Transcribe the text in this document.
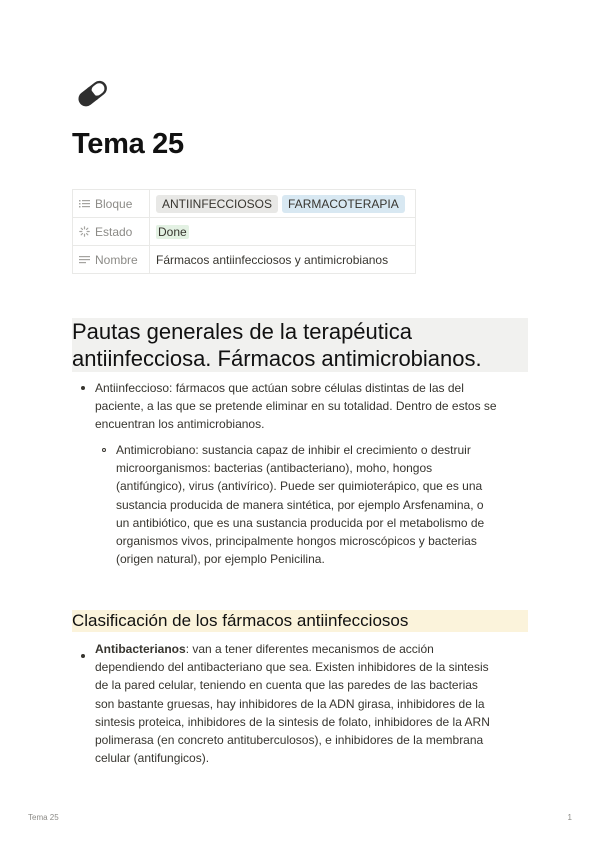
Tema 25
Bloque	ANTIINFECCIOSOS FARMACOTERAPIA
Estado	Done
Nombre	Fármacos antiinfecciosos y antimicrobianos
Pautas generales de la terapéutica
antiinfecciosa. Fármacos antimicrobianos.

Antiinfeccioso: fármacos que actúan sobre células distintas de las del

paciente, a las que se pretende eliminar en su totalidad. Dentro de estos se

encuentran los antimicrobianos.

Antimicrobiano: sustancia capaz de inhibir el crecimiento o destruir

microorganismos: bacterias (antibacteriano), moho, hongos

(antifúngico), virus (antivírico). Puede ser quimioterápico, que es una

sustancia producida de manera sintética, por ejemplo Arsfenamina, o

un antibiótico, que es una sustancia producida por el metabolismo de

organismos vivos, principalmente hongos microscópicos y bacterias

(origen natural), por ejemplo Penicilina.

Clasificación de los fármacos antiinfecciosos

Antibacterianos: van a tener diferentes mecanismos de acción

dependiendo del antibacteriano que sea. Existen inhibidores de la sintesis

de la pared celular, teniendo en cuenta que las paredes de las bacterias

son bastante gruesas, hay inhibidores de la ADN girasa, inhibidores de la

sintesis proteica, inhibidores de la sintesis de folato, inhibidores de la ARN

polimerasa (en concreto antituberculosos), e inhibidores de la membrana

celular (antifungicos).

Tema 25	1
